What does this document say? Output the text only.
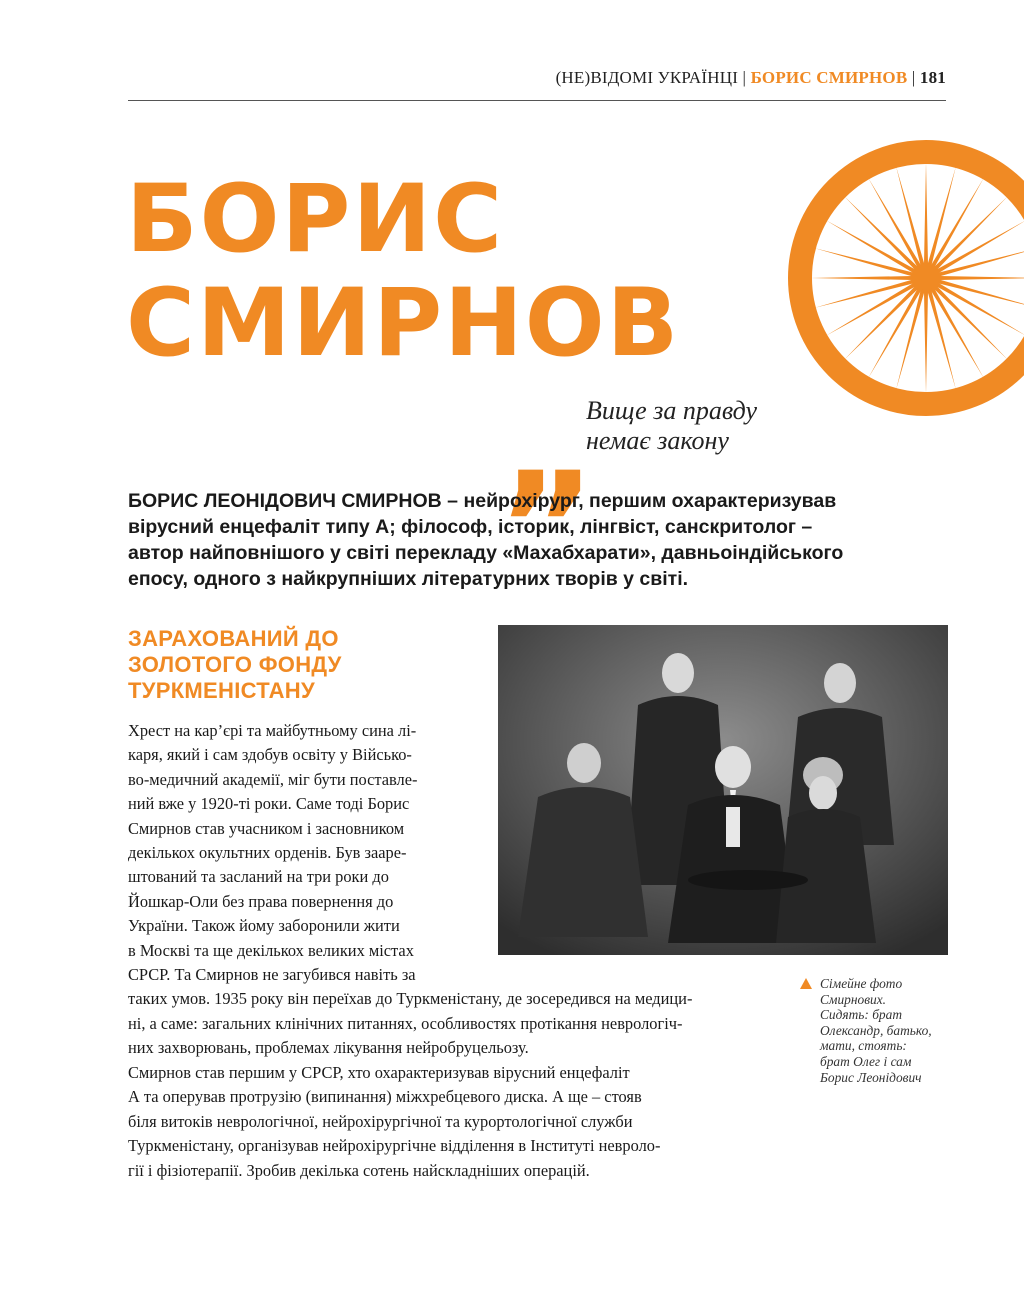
(НЕ)ВІДОМІ УКРАЇНЦІ | БОРИС СМИРНОВ | 181
БОРИС
СМИРНОВ
„ Вище за правду
немає закону
БОРИС ЛЕОНІДОВИЧ СМИРНОВ – нейрохірург, першим охарактеризував
вірусний енцефаліт типу А; філософ, історик, лінгвіст, санскритолог –
автор найповнішого у світі перекладу «Махабхарати», давньоіндійського
епосу, одного з найкрупніших літературних творів у світі.
ЗАРАХОВАНИЙ ДО
ЗОЛОТОГО ФОНДУ
ТУРКМЕНІСТАНУ
Хрест на кар’єрі та майбутньому сина лі-
каря, який і сам здобув освіту у Військо-
во-медичний академії, міг бути поставле-
ний вже у 1920-ті роки. Саме тоді Борис
Смирнов став учасником і засновником
декількох окультних орденів. Був зааре-
штований та засланий на три роки до
Йошкар-Оли без права повернення до
України. Також йому заборонили жити
в Москві та ще декількох великих містах
СРСР. Та Смирнов не загубився навіть за
таких умов. 1935 року він переїхав до Туркменістану, де зосередився на медици-
ні, а саме: загальних клінічних питаннях, особливостях протікання неврологіч-
них захворювань, проблемах лікування нейробруцельозу.
Смирнов став першим у СРСР, хто охарактеризував вірусний енцефаліт
А та оперував протрузію (випинання) міжхребцевого диска. А ще – стояв
біля витоків неврологічної, нейрохірургічної та курортологічної служби
Туркменістану, організував нейрохірургічне відділення в Інституті невроло-
гії і фізіотерапії. Зробив декілька сотень найскладніших операцій.
Сімейне фото
Смирнових.
Сидять: брат
Олександр, батько,
мати, стоять:
брат Олег і сам
Борис Леонідович
